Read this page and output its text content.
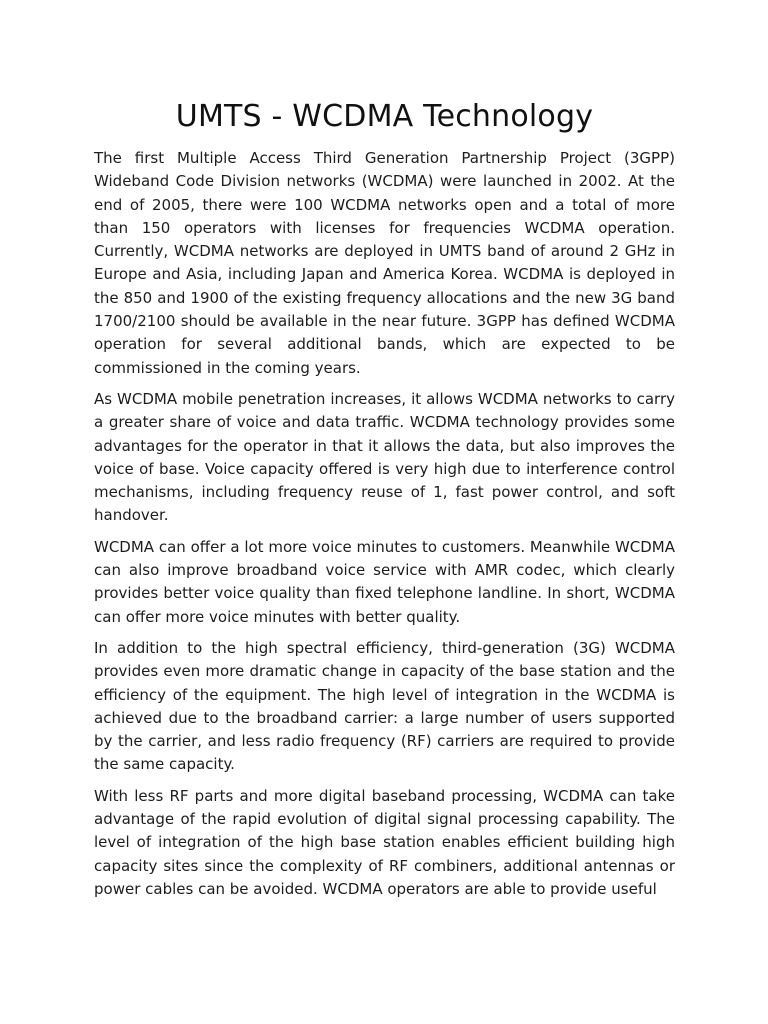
UMTS - WCDMA Technology

The first Multiple Access Third Generation Partnership Project (3GPP) Wideband Code Division networks (WCDMA) were launched in 2002. At the end of 2005, there were 100 WCDMA networks open and a total of more than 150 operators with licenses for frequencies WCDMA operation. Currently, WCDMA networks are deployed in UMTS band of around 2 GHz in Europe and Asia, including Japan and America Korea. WCDMA is deployed in the 850 and 1900 of the existing frequency allocations and the new 3G band 1700/2100 should be available in the near future. 3GPP has defined WCDMA operation for several additional bands, which are expected to be commissioned in the coming years.

As WCDMA mobile penetration increases, it allows WCDMA networks to carry a greater share of voice and data traffic. WCDMA technology provides some advantages for the operator in that it allows the data, but also improves the voice of base. Voice capacity offered is very high due to interference control mechanisms, including frequency reuse of 1, fast power control, and soft handover.

WCDMA can offer a lot more voice minutes to customers. Meanwhile WCDMA can also improve broadband voice service with AMR codec, which clearly provides better voice quality than fixed telephone landline. In short, WCDMA can offer more voice minutes with better quality.

In addition to the high spectral efficiency, third-generation (3G) WCDMA provides even more dramatic change in capacity of the base station and the efficiency of the equipment. The high level of integration in the WCDMA is achieved due to the broadband carrier: a large number of users supported by the carrier, and less radio frequency (RF) carriers are required to provide the same capacity.

With less RF parts and more digital baseband processing, WCDMA can take advantage of the rapid evolution of digital signal processing capability. The level of integration of the high base station enables efficient building high capacity sites since the complexity of RF combiners, additional antennas or power cables can be avoided. WCDMA operators are able to provide useful
